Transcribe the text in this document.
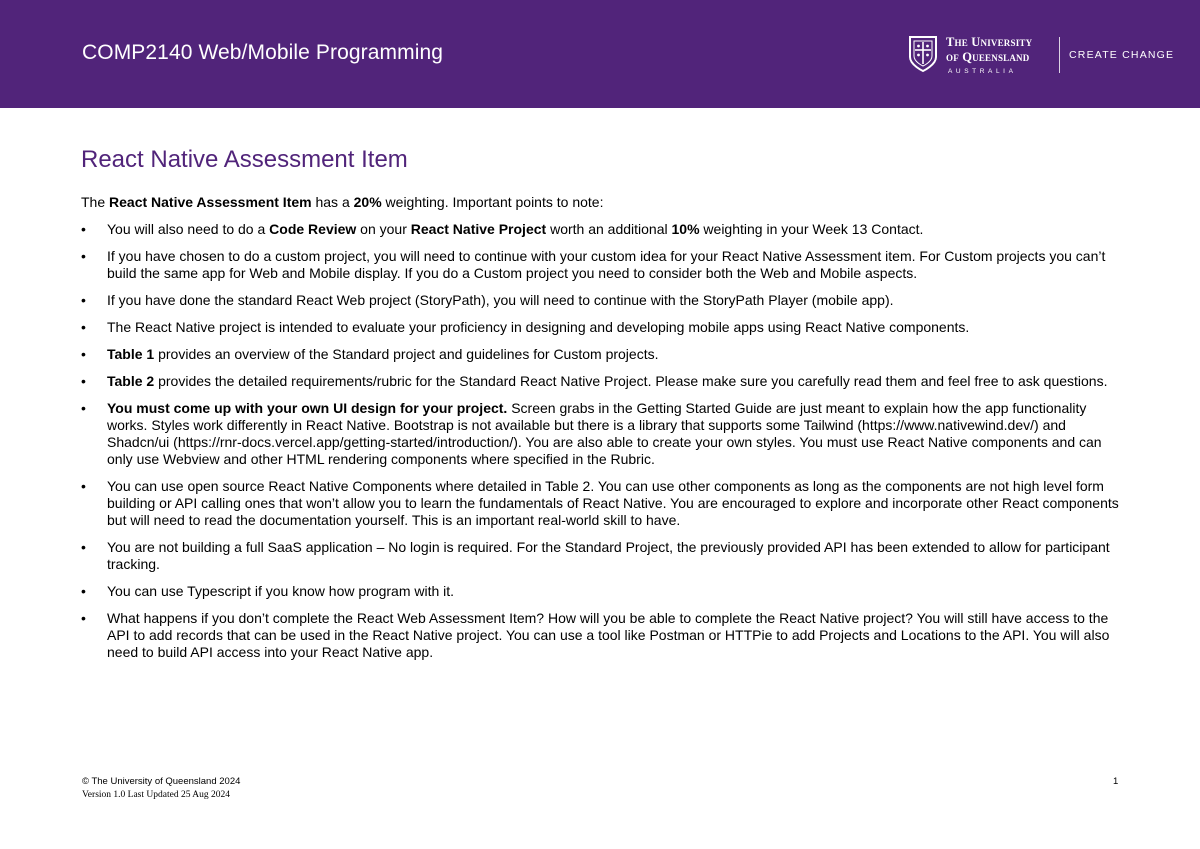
COMP2140 Web/Mobile Programming	The University
of Queensland
AUSTRALIA
CREATE CHANGE
React Native Assessment Item

The React Native Assessment Item has a 20% weighting. Important points to note:

• You will also need to do a Code Review on your React Native Project worth an additional 10% weighting in your Week 13 Contact.
• If you have chosen to do a custom project, you will need to continue with your custom idea for your React Native Assessment item. For Custom projects you can’t build the same app for Web and Mobile display. If you do a Custom project you need to consider both the Web and Mobile aspects.
• If you have done the standard React Web project (StoryPath), you will need to continue with the StoryPath Player (mobile app).
• The React Native project is intended to evaluate your proficiency in designing and developing mobile apps using React Native components.
• Table 1 provides an overview of the Standard project and guidelines for Custom projects.
• Table 2 provides the detailed requirements/rubric for the Standard React Native Project. Please make sure you carefully read them and feel free to ask questions.
• You must come up with your own UI design for your project. Screen grabs in the Getting Started Guide are just meant to explain how the app functionality works. Styles work differently in React Native. Bootstrap is not available but there is a library that supports some Tailwind (https://www.nativewind.dev/) and Shadcn/ui (https://rnr-docs.vercel.app/getting-started/introduction/). You are also able to create your own styles. You must use React Native components and can only use Webview and other HTML rendering components where specified in the Rubric.
• You can use open source React Native Components where detailed in Table 2. You can use other components as long as the components are not high level form building or API calling ones that won’t allow you to learn the fundamentals of React Native. You are encouraged to explore and incorporate other React components but will need to read the documentation yourself. This is an important real-world skill to have.
• You are not building a full SaaS application – No login is required. For the Standard Project, the previously provided API has been extended to allow for participant tracking.
• You can use Typescript if you know how program with it.
• What happens if you don’t complete the React Web Assessment Item? How will you be able to complete the React Native project? You will still have access to the API to add records that can be used in the React Native project. You can use a tool like Postman or HTTPie to add Projects and Locations to the API. You will also need to build API access into your React Native app.
© The University of Queensland 2024
Version 1.0 Last Updated 25 Aug 2024
1
